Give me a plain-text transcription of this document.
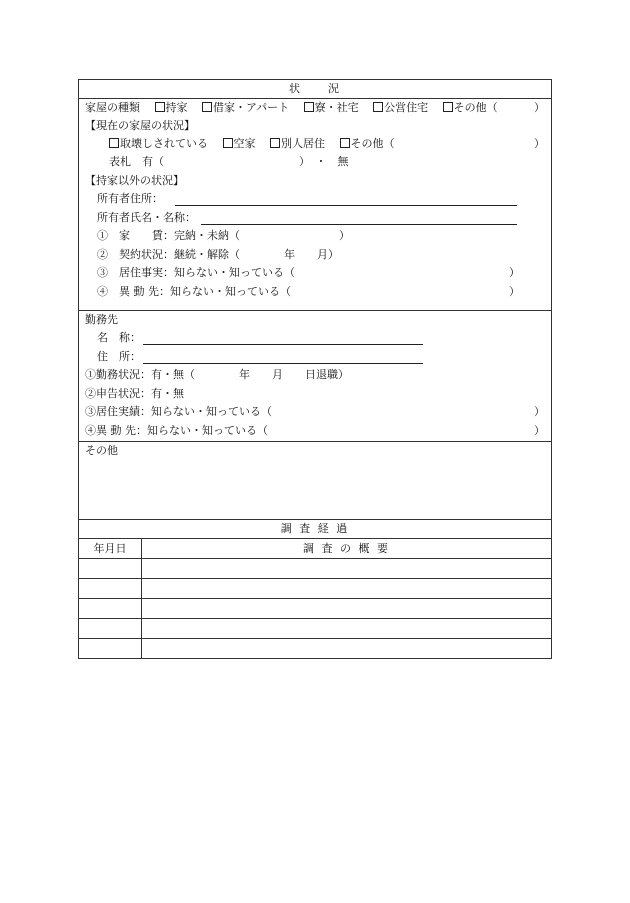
状　　況
家屋の種類　 持家　 借家・アパート　 寮・社宅　 公営住宅　 その他（	）
【現在の家屋の状況】
取壊しされている　 空家　 別人居住　 その他（	）
表札　有（	）　・　無
【持家以外の状況】
所有者住所：
所有者氏名・名称：
①　家　　賃：完納・未納（　　　　　　　　　）
②　契約状況：継続・解除（　　　　年　　月）
③　居住事実：知らない・知っている（	）
④　異 動 先：知らない・知っている（	）
勤務先
名　称：
住　所：
①勤務状況：有・無（　　　　年　　月　　日退職）
②申告状況：有・無
③居住実績：知らない・知っている（	）
④異 動 先：知らない・知っている（	）
その他
調 査 経 過
年月日	調 査 の 概 要
